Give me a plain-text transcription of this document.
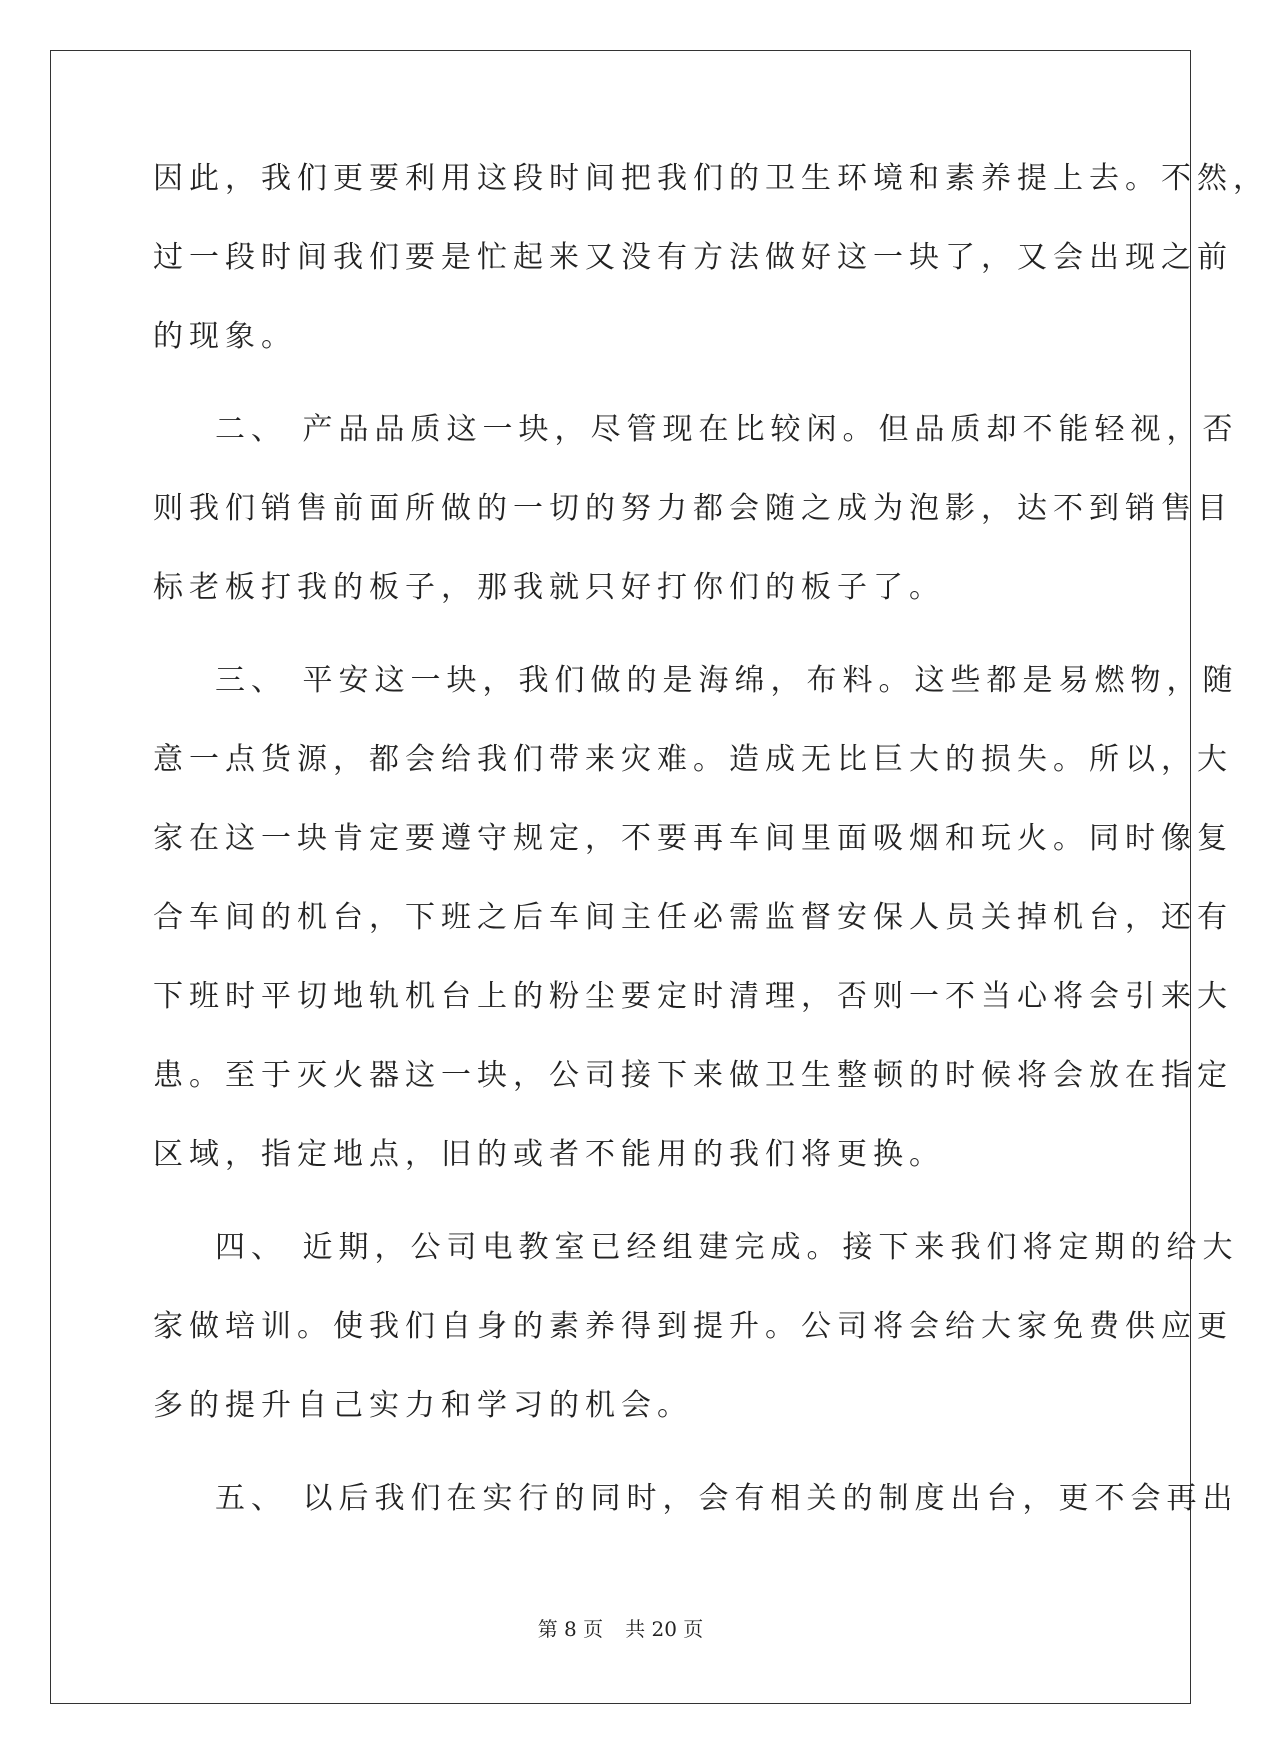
因此，我们更要利用这段时间把我们的卫生环境和素养提上去。不然，
过一段时间我们要是忙起来又没有方法做好这一块了，又会出现之前
的现象。
二、 产品品质这一块，尽管现在比较闲。但品质却不能轻视，否
则我们销售前面所做的一切的努力都会随之成为泡影，达不到销售目
标老板打我的板子，那我就只好打你们的板子了。
三、 平安这一块，我们做的是海绵，布料。这些都是易燃物，随
意一点货源，都会给我们带来灾难。造成无比巨大的损失。所以，大
家在这一块肯定要遵守规定，不要再车间里面吸烟和玩火。同时像复
合车间的机台，下班之后车间主任必需监督安保人员关掉机台，还有
下班时平切地轨机台上的粉尘要定时清理，否则一不当心将会引来大
患。至于灭火器这一块，公司接下来做卫生整顿的时候将会放在指定
区域，指定地点，旧的或者不能用的我们将更换。
四、 近期，公司电教室已经组建完成。接下来我们将定期的给大
家做培训。使我们自身的素养得到提升。公司将会给大家免费供应更
多的提升自己实力和学习的机会。
五、 以后我们在实行的同时，会有相关的制度出台，更不会再出
第 8 页 共 20 页
